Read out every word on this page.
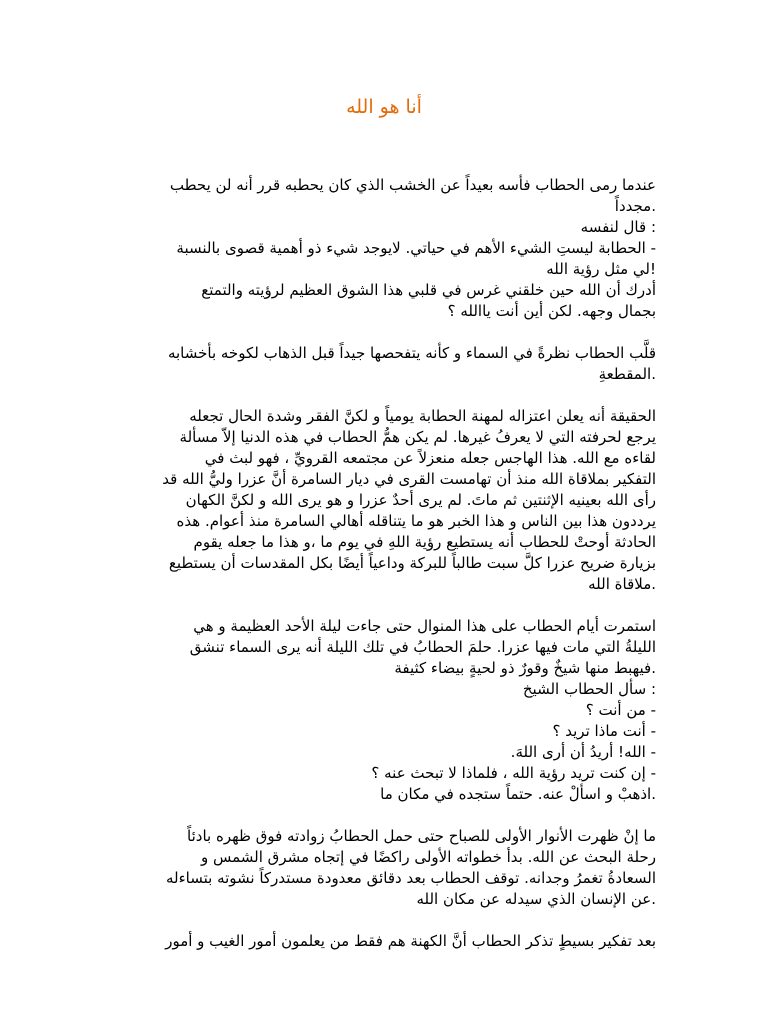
أنا هو الله
عندما رمى الحطاب فأسه بعيداً عن الخشب الذي كان يحطبه قرر أنه لن يحطب
.مجدداً
: قال لنفسه
- الحطابة ليستِ الشيء الأهم في حياتي. لايوجد شيء ذو أهمية قصوى بالنسبة
!لي مثل رؤية الله
أدرك أن الله حين خلقني غرس في قلبي هذا الشوق العظيم لرؤيته والتمتع
بجمال وجهه. لكن أين أنت ياالله ؟
قلَّب الحطاب نظرةً في السماء و كأنه يتفحصها جيداً قبل الذهاب لكوخه بأخشابه
.المقطعةِ
الحقيقة أنه يعلن اعتزاله لمهنة الحطابة يومياً و لكنَّ الفقر وشدة الحال تجعله
يرجع لحرفته التي لا يعرفُ غيرها. لم يكن همُّ الحطاب في هذه الدنيا إلاّ مسألة
لقاءه مع الله. هذا الهاجس جعله منعزلاً عن مجتمعه القرويِّ ، فهو لبث في
التفكير بملاقاة الله منذ أن تهامست القرى في ديار السامرة أنَّ عزرا وليُّ الله قد
رأى الله بعينيه الإثنتين ثم ماتَ. لم يرى أحدٌ عزرا و هو يرى الله و لكنَّ الكهان
يرددون هذا بين الناس و هذا الخبر هو ما يتناقله أهالي السامرة منذ أعوام. هذه
الحادثة أوحتْ للحطاب أنه يستطيع رؤية اللهِ في يوم ما ،و هذا ما جعله يقوم
بزيارة ضريح عزرا كلَّ سبت طالباً للبركة وداعياً أيضًا بكل المقدسات أن يستطيع
.ملاقاة الله
استمرت أيام الحطاب على هذا المنوال حتى جاءت ليلة الأحد العظيمة و هي
الليلةُ التي مات فيها عزرا. حلمَ الحطابُ في تلك الليلة أنه يرى السماء تنشق
.فيهبط منها شيخٌ وقورٌ ذو لحيةٍ بيضاء كثيفة
: سأل الحطاب الشيخ
- من أنت ؟
- أنت ماذا تريد ؟
- الله! أريدُ أن أرى اللهَ.
- إن كنت تريد رؤية الله ، فلماذا لا تبحث عنه ؟
.اذهبْ و اسألْ عنه. حتماً ستجده في مكان ما
ما إنْ ظهرت الأنوار الأولى للصباح حتى حمل الحطابُ زوادته فوق ظهره بادئاً
رحلة البحث عن الله. بدأ خطواته الأولى راكضًا في إتجاه مشرق الشمس و
السعادةُ تغمرُ وجدانه. توقف الحطاب بعد دقائق معدودة مستدركاً نشوته بتساءله
.عن الإنسان الذي سيدله عن مكان الله
بعد تفكير بسيطٍ تذكر الحطاب أنَّ الكهنة هم فقط من يعلمون أمور الغيب و أمور
